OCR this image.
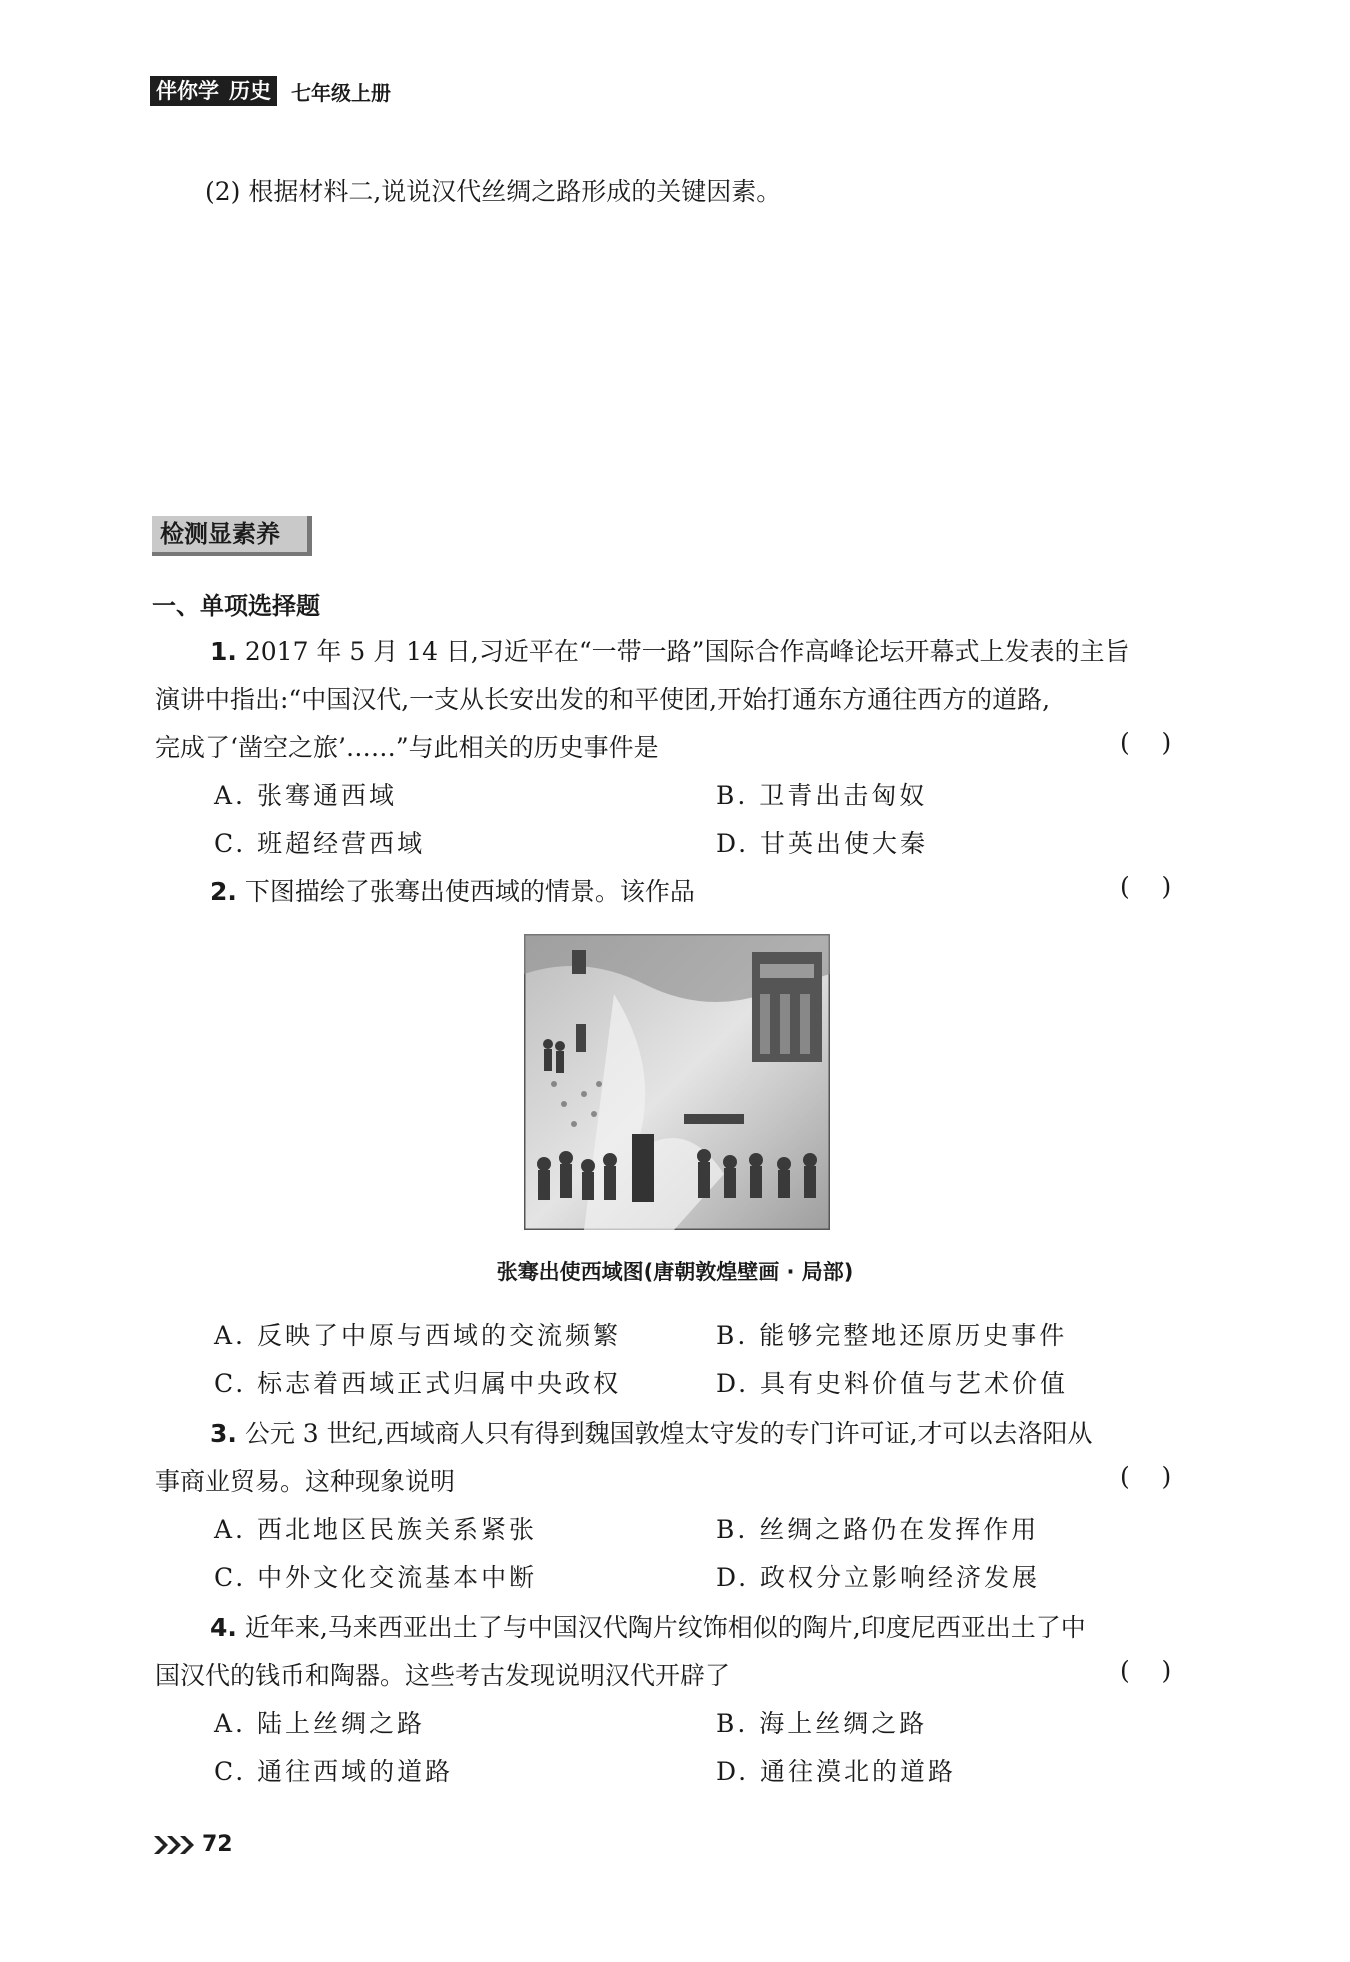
伴你学 历史 七年级上册
(2) 根据材料二,说说汉代丝绸之路形成的关键因素。
检测显素养
一、单项选择题
1. 2017 年 5 月 14 日,习近平在“一带一路”国际合作高峰论坛开幕式上发表的主旨
演讲中指出:“中国汉代,一支从长安出发的和平使团,开始打通东方通往西方的道路,
完成了‘凿空之旅’……”与此相关的历史事件是	(    )
A. 张骞通西域	B. 卫青出击匈奴
C. 班超经营西域	D. 甘英出使大秦
2. 下图描绘了张骞出使西域的情景。该作品	(    )
张骞出使西域图(唐朝敦煌壁画 · 局部)
A. 反映了中原与西域的交流频繁	B. 能够完整地还原历史事件
C. 标志着西域正式归属中央政权	D. 具有史料价值与艺术价值
3. 公元 3 世纪,西域商人只有得到魏国敦煌太守发的专门许可证,才可以去洛阳从
事商业贸易。这种现象说明	(    )
A. 西北地区民族关系紧张	B. 丝绸之路仍在发挥作用
C. 中外文化交流基本中断	D. 政权分立影响经济发展
4. 近年来,马来西亚出土了与中国汉代陶片纹饰相似的陶片,印度尼西亚出土了中
国汉代的钱币和陶器。这些考古发现说明汉代开辟了	(    )
A. 陆上丝绸之路	B. 海上丝绸之路
C. 通往西域的道路	D. 通往漠北的道路
72
